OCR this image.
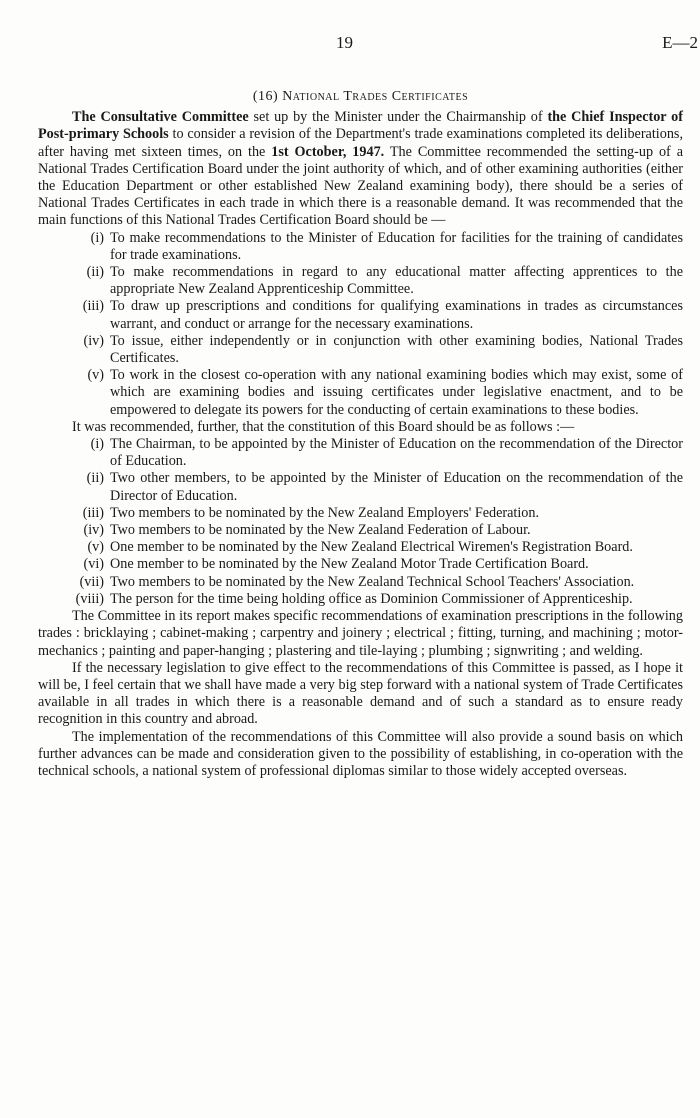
19	E—2
(16) National Trades Certificates

The Consultative Committee set up by the Minister under the Chairmanship of the Chief Inspector of Post-primary Schools to consider a revision of the Department's trade examinations completed its deliberations, after having met sixteen times, on the 1st October, 1947. The Committee recommended the setting-up of a National Trades Certification Board under the joint authority of which, and of other examining authorities (either the Education Department or other established New Zealand examining body), there should be a series of National Trades Certificates in each trade in which there is a reasonable demand. It was recommended that the main functions of this National Trades Certification Board should be —

(i) To make recommendations to the Minister of Education for facilities for the training of candidates for trade examinations.
(ii) To make recommendations in regard to any educational matter affecting apprentices to the appropriate New Zealand Apprenticeship Committee.
(iii) To draw up prescriptions and conditions for qualifying examinations in trades as circumstances warrant, and conduct or arrange for the necessary examinations.
(iv) To issue, either independently or in conjunction with other examining bodies, National Trades Certificates.
(v) To work in the closest co-operation with any national examining bodies which may exist, some of which are examining bodies and issuing certificates under legislative enactment, and to be empowered to delegate its powers for the conducting of certain examinations to these bodies.

It was recommended, further, that the constitution of this Board should be as follows :—

(i) The Chairman, to be appointed by the Minister of Education on the recommendation of the Director of Education.
(ii) Two other members, to be appointed by the Minister of Education on the recommendation of the Director of Education.
(iii) Two members to be nominated by the New Zealand Employers' Federation.
(iv) Two members to be nominated by the New Zealand Federation of Labour.
(v) One member to be nominated by the New Zealand Electrical Wiremen's Registration Board.
(vi) One member to be nominated by the New Zealand Motor Trade Certification Board.
(vii) Two members to be nominated by the New Zealand Technical School Teachers' Association.
(viii) The person for the time being holding office as Dominion Commissioner of Apprenticeship.

The Committee in its report makes specific recommendations of examination prescriptions in the following trades : bricklaying ; cabinet-making ; carpentry and joinery ; electrical ; fitting, turning, and machining ; motor-mechanics ; painting and paper-hanging ; plastering and tile-laying ; plumbing ; signwriting ; and welding.

If the necessary legislation to give effect to the recommendations of this Committee is passed, as I hope it will be, I feel certain that we shall have made a very big step forward with a national system of Trade Certificates available in all trades in which there is a reasonable demand and of such a standard as to ensure ready recognition in this country and abroad.

The implementation of the recommendations of this Committee will also provide a sound basis on which further advances can be made and consideration given to the possibility of establishing, in co-operation with the technical schools, a national system of professional diplomas similar to those widely accepted overseas.
